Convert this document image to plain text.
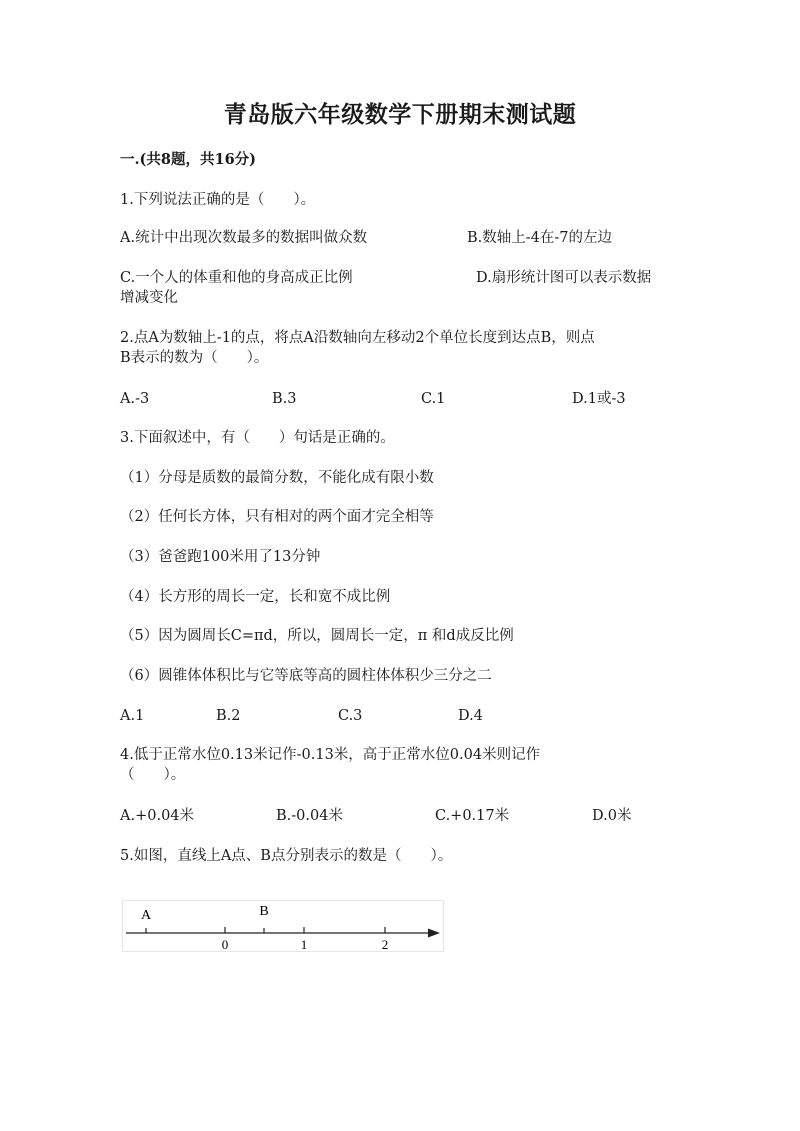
青岛版六年级数学下册期末测试题
一.(共8题，共16分)
1.下列说法正确的是（　　）。
A.统计中出现次数最多的数据叫做众数	B.数轴上-4在-7的左边
C.一个人的体重和他的身高成正比例	D.扇形统计图可以表示数据
增减变化
2.点A为数轴上-1的点，将点A沿数轴向左移动2个单位长度到达点B，则点
B表示的数为（　　）。
A.-3	B.3	C.1	D.1或-3
3.下面叙述中，有（　　）句话是正确的。
（1）分母是质数的最简分数，不能化成有限小数
（2）任何长方体，只有相对的两个面才完全相等
（3）爸爸跑100米用了13分钟
（4）长方形的周长一定，长和宽不成比例
（5）因为圆周长C=πd，所以，圆周长一定，π 和d成反比例
（6）圆锥体体积比与它等底等高的圆柱体体积少三分之二
A.1	B.2	C.3	D.4
4.低于正常水位0.13米记作-0.13米，高于正常水位0.04米则记作
（　　）。
A.+0.04米	B.-0.04米	C.+0.17米	D.0米
5.如图，直线上A点、B点分别表示的数是（　　）。
A	B
0	1	2
